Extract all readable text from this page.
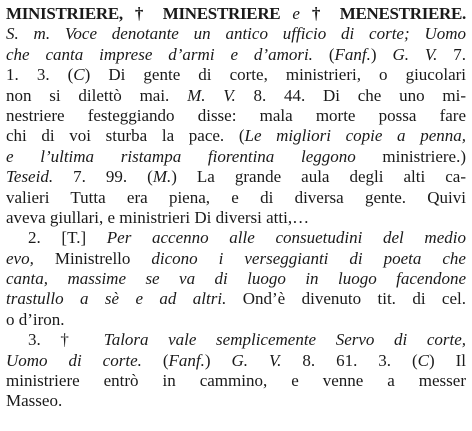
MINISTRIERE, † MINESTRIERE e † MENESTRIERE.
S. m. Voce denotante un antico ufficio di corte; Uomo
che canta imprese d’armi e d’amori. (Fanf.) G. V. 7.
1. 3. (C) Di gente di corte, ministrieri, o giucolari
non si dilettò mai. M. V. 8. 44. Di che uno mi-
nestriere festeggiando disse: mala morte possa fare
chi di voi sturba la pace. (Le migliori copie a penna,
e l’ultima ristampa fiorentina leggono ministriere.)
Teseid. 7. 99. (M.) La grande aula degli alti ca-
valieri Tutta era piena, e di diversa gente. Quivi
aveva giullari, e ministrieri Di diversi atti,…
2. [T.] Per accenno alle consuetudini del medio
evo, Ministrello dicono i verseggianti di poeta che
canta, massime se va di luogo in luogo facendone
trastullo a sè e ad altri. Ond’è divenuto tit. di cel.
o d’iron.
3. † Talora vale semplicemente Servo di corte,
Uomo di corte. (Fanf.) G. V. 8. 61. 3. (C) Il
ministriere entrò in cammino, e venne a messer
Masseo.
